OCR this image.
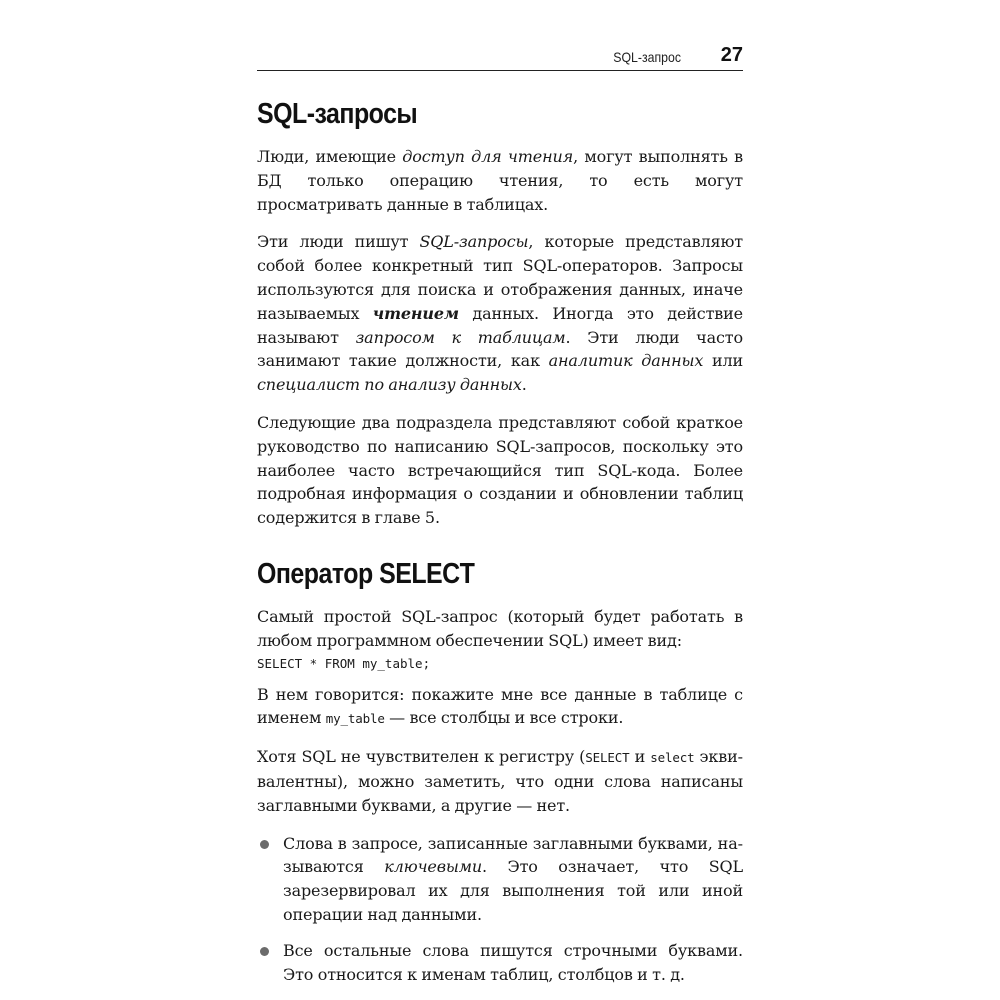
SQL-запрос 27
SQL-запросы

Люди, имеющие доступ для чтения, могут выполнять в БД только операцию чтения, то есть могут просматривать данные в таблицах.

Эти люди пишут SQL-запросы, которые представляют собой более конкретный тип SQL-операторов. Запросы используются для поиска и отображения данных, иначе называемых чтением данных. Иногда это действие называют запросом к таблицам. Эти люди часто занимают такие должности, как аналитик данных или специалист по анализу данных.

Следующие два подраздела представляют собой краткое руководство по написанию SQL-запросов, поскольку это наиболее часто встречающийся тип SQL-кода. Более подробная информация о создании и обновлении таблиц содержится в главе 5.

Оператор SELECT

Самый простой SQL-запрос (который будет работать в любом программном обеспечении SQL) имеет вид:

SELECT * FROM my_table;

В нем говорится: покажите мне все данные в таблице с именем my_table — все столбцы и все строки.

Хотя SQL не чувствителен к регистру (SELECT и select эквивалентны), можно заметить, что одни слова написаны заглавными буквами, а другие — нет.

Слова в запросе, записанные заглавными буквами, называются ключевыми. Это означает, что SQL зарезервировал их для выполнения той или иной операции над данными.

Все остальные слова пишутся строчными буквами. Это относится к именам таблиц, столбцов и т. д.
